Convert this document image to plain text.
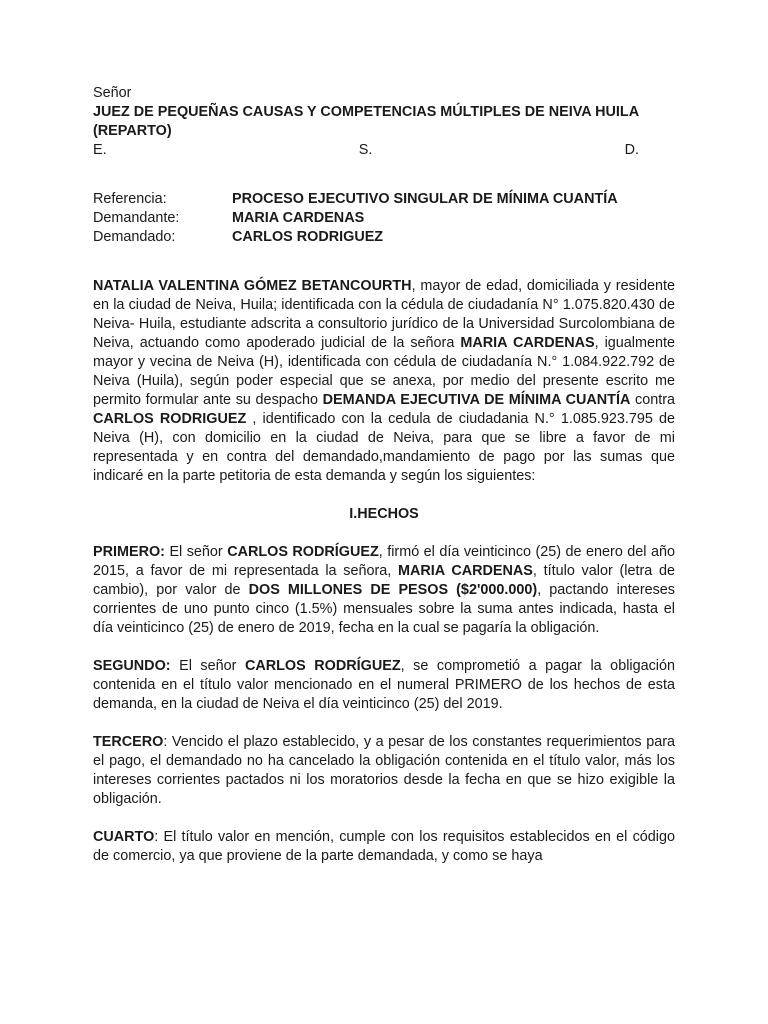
Señor

JUEZ DE PEQUEÑAS CAUSAS Y COMPETENCIAS MÚLTIPLES DE NEIVA HUILA (REPARTO)

E.	S.	D.
Referencia:	PROCESO EJECUTIVO SINGULAR DE MÍNIMA CUANTÍA
Demandante:	MARIA CARDENAS
Demandado:	CARLOS RODRIGUEZ

NATALIA VALENTINA GÓMEZ BETANCOURTH, mayor de edad, domiciliada y residente en la ciudad de Neiva, Huila; identificada con la cédula de ciudadanía N° 1.075.820.430 de Neiva- Huila, estudiante adscrita a consultorio jurídico de la Universidad Surcolombiana de Neiva, actuando como apoderado judicial de la señora MARIA CARDENAS, igualmente mayor y vecina de Neiva (H), identificada con cédula de ciudadanía N.° 1.084.922.792 de Neiva (Huila), según poder especial que se anexa, por medio del presente escrito me permito formular ante su despacho DEMANDA EJECUTIVA DE MÍNIMA CUANTÍA contra CARLOS RODRIGUEZ , identificado con la cedula de ciudadania N.° 1.085.923.795 de Neiva (H), con domicilio en la ciudad de Neiva, para que se libre a favor de mi representada y en contra del demandado,mandamiento de pago por las sumas que indicaré en la parte petitoria de esta demanda y según los siguientes:

I.HECHOS

PRIMERO: El señor CARLOS RODRÍGUEZ, firmó el día veinticinco (25) de enero del año 2015, a favor de mi representada la señora, MARIA CARDENAS, título valor (letra de cambio), por valor de DOS MILLONES DE PESOS ($2'000.000), pactando intereses corrientes de uno punto cinco (1.5%) mensuales sobre la suma antes indicada, hasta el día veinticinco (25) de enero de 2019, fecha en la cual se pagaría la obligación.

SEGUNDO: El señor CARLOS RODRÍGUEZ, se comprometió a pagar la obligación contenida en el título valor mencionado en el numeral PRIMERO de los hechos de esta demanda, en la ciudad de Neiva el día veinticinco (25) del 2019.

TERCERO: Vencido el plazo establecido, y a pesar de los constantes requerimientos para el pago, el demandado no ha cancelado la obligación contenida en el título valor, más los intereses corrientes pactados ni los moratorios desde la fecha en que se hizo exigible la obligación.

CUARTO: El título valor en mención, cumple con los requisitos establecidos en el código de comercio, ya que proviene de la parte demandada, y como se haya
